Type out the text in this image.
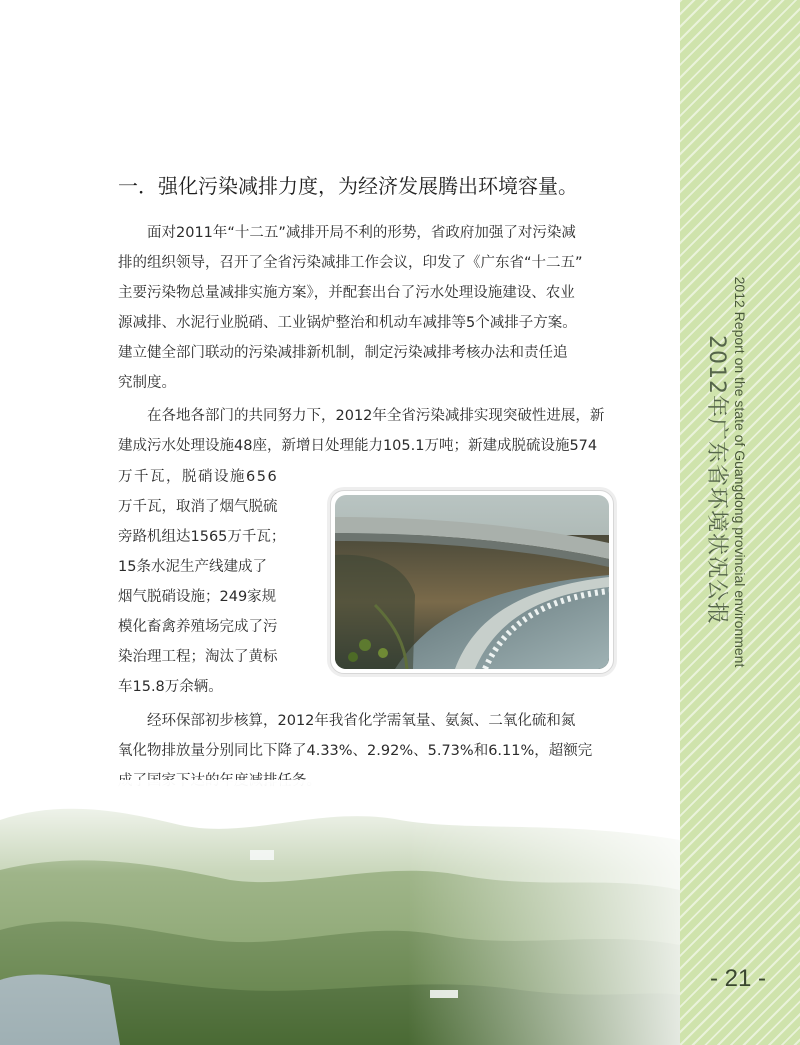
一．强化污染减排力度，为经济发展腾出环境容量。
面对2011年“十二五”减排开局不利的形势，省政府加强了对污染减
排的组织领导，召开了全省污染减排工作会议，印发了《广东省“十二五”
主要污染物总量减排实施方案》，并配套出台了污水处理设施建设、农业
源减排、水泥行业脱硝、工业锅炉整治和机动车减排等5个减排子方案。
建立健全部门联动的污染减排新机制，制定污染减排考核办法和责任追
究制度。
在各地各部门的共同努力下，2012年全省污染减排实现突破性进展，新
建成污水处理设施48座，新增日处理能力105.1万吨；新建成脱硫设施574
万千瓦，脱硝设施656
万千瓦，取消了烟气脱硫
旁路机组达1565万千瓦；
15条水泥生产线建成了
烟气脱硝设施；249家规
模化畜禽养殖场完成了污
染治理工程；淘汰了黄标
车15.8万余辆。
经环保部初步核算，2012年我省化学需氧量、氨氮、二氧化硫和氮
氧化物排放量分别同比下降了4.33%、2.92%、5.73%和6.11%，超额完
2012 Report on the state of Guangdong provincial environment
2012年广东省环境状况公报
- 21 -
